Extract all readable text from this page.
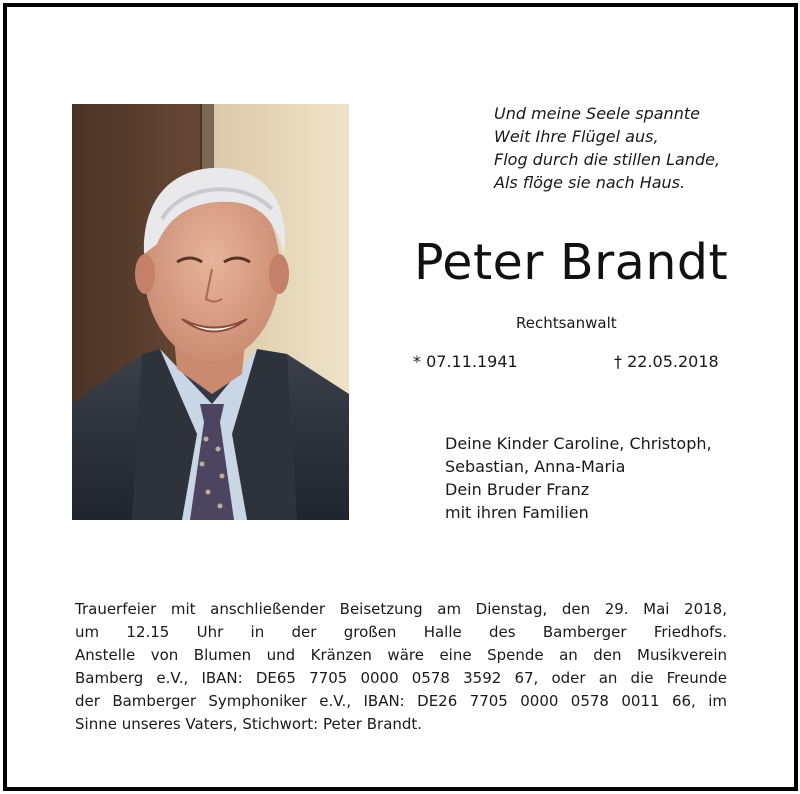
Und meine Seele spannte
Weit Ihre Flügel aus,
Flog durch die stillen Lande,
Als flöge sie nach Haus.
Peter Brandt
Rechtsanwalt
* 07.11.1941	† 22.05.2018
Deine Kinder Caroline, Christoph,
Sebastian, Anna-Maria
Dein Bruder Franz
mit ihren Familien
Trauerfeier mit anschließender Beisetzung am Dienstag, den 29. Mai 2018,
um 12.15 Uhr in der großen Halle des Bamberger Friedhofs.
Anstelle von Blumen und Kränzen wäre eine Spende an den Musikverein
Bamberg e.V., IBAN: DE65 7705 0000 0578 3592 67, oder an die Freunde
der Bamberger Symphoniker e.V., IBAN: DE26 7705 0000 0578 0011 66, im
Sinne unseres Vaters, Stichwort: Peter Brandt.
